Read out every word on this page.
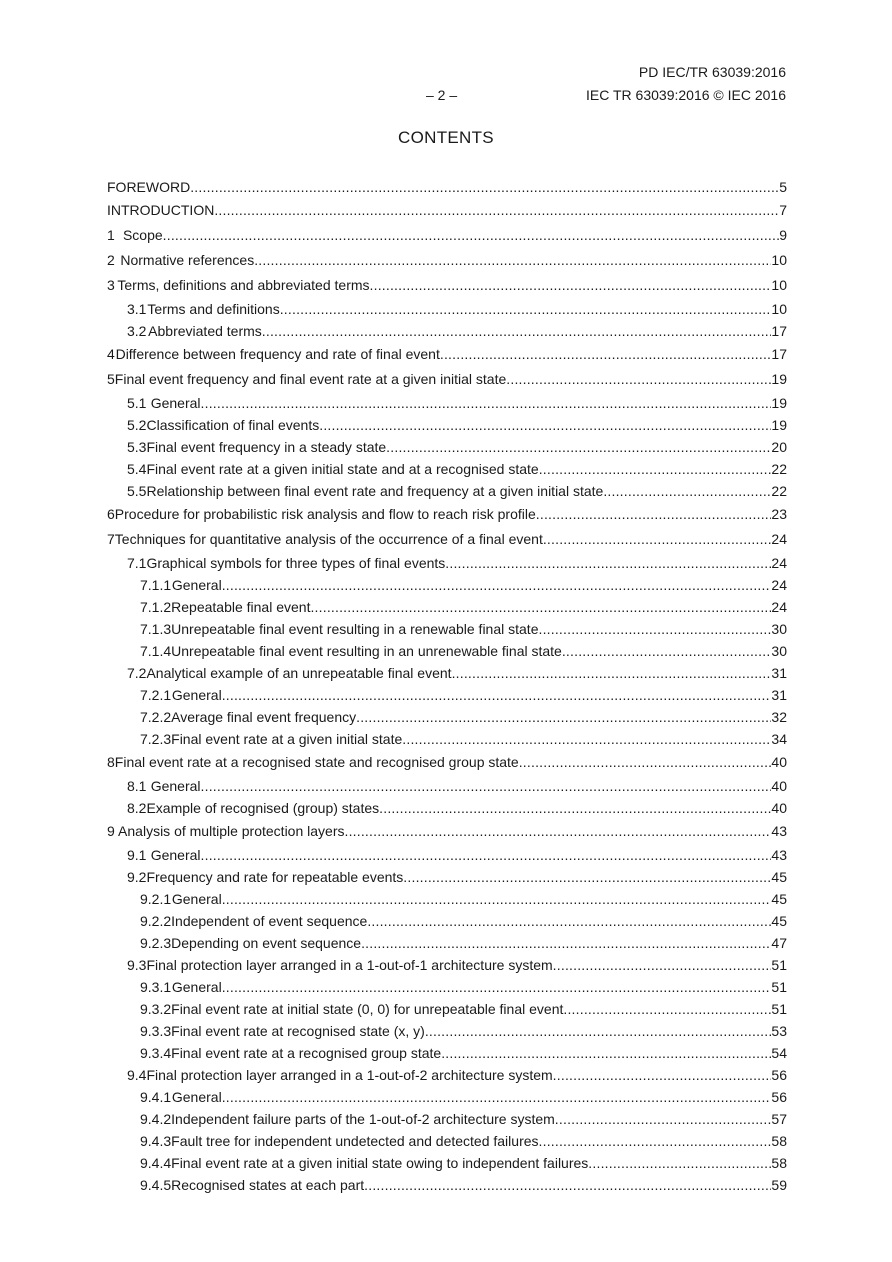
PD IEC/TR 63039:2016
– 2 –	IEC TR 63039:2016 © IEC 2016
CONTENTS
FOREWORD .....	5
INTRODUCTION .....	7
1 Scope .....	9
2 Normative references .....	10
3 Terms, definitions and abbreviated terms .....	10
3.1 Terms and definitions .....	10
3.2 Abbreviated terms .....	17
4 Difference between frequency and rate of final event .....	17
5 Final event frequency and final event rate at a given initial state .....	19
5.1 General .....	19
5.2 Classification of final events .....	19
5.3 Final event frequency in a steady state .....	20
5.4 Final event rate at a given initial state and at a recognised state .....	22
5.5 Relationship between final event rate and frequency at a given initial state .....	22
6 Procedure for probabilistic risk analysis and flow to reach risk profile .....	23
7 Techniques for quantitative analysis of the occurrence of a final event .....	24
7.1 Graphical symbols for three types of final events .....	24
7.1.1 General .....	24
7.1.2 Repeatable final event .....	24
7.1.3 Unrepeatable final event resulting in a renewable final state .....	30
7.1.4 Unrepeatable final event resulting in an unrenewable final state .....	30
7.2 Analytical example of an unrepeatable final event .....	31
7.2.1 General .....	31
7.2.2 Average final event frequency .....	32
7.2.3 Final event rate at a given initial state .....	34
8 Final event rate at a recognised state and recognised group state .....	40
8.1 General .....	40
8.2 Example of recognised (group) states .....	40
9 Analysis of multiple protection layers .....	43
9.1 General .....	43
9.2 Frequency and rate for repeatable events .....	45
9.2.1 General .....	45
9.2.2 Independent of event sequence .....	45
9.2.3 Depending on event sequence .....	47
9.3 Final protection layer arranged in a 1-out-of-1 architecture system .....	51
9.3.1 General .....	51
9.3.2 Final event rate at initial state (0, 0) for unrepeatable final event .....	51
9.3.3 Final event rate at recognised state (x, y) .....	53
9.3.4 Final event rate at a recognised group state .....	54
9.4 Final protection layer arranged in a 1-out-of-2 architecture system .....	56
9.4.1 General .....	56
9.4.2 Independent failure parts of the 1-out-of-2 architecture system .....	57
9.4.3 Fault tree for independent undetected and detected failures .....	58
9.4.4 Final event rate at a given initial state owing to independent failures .....	58
9.4.5 Recognised states at each part .....	59
